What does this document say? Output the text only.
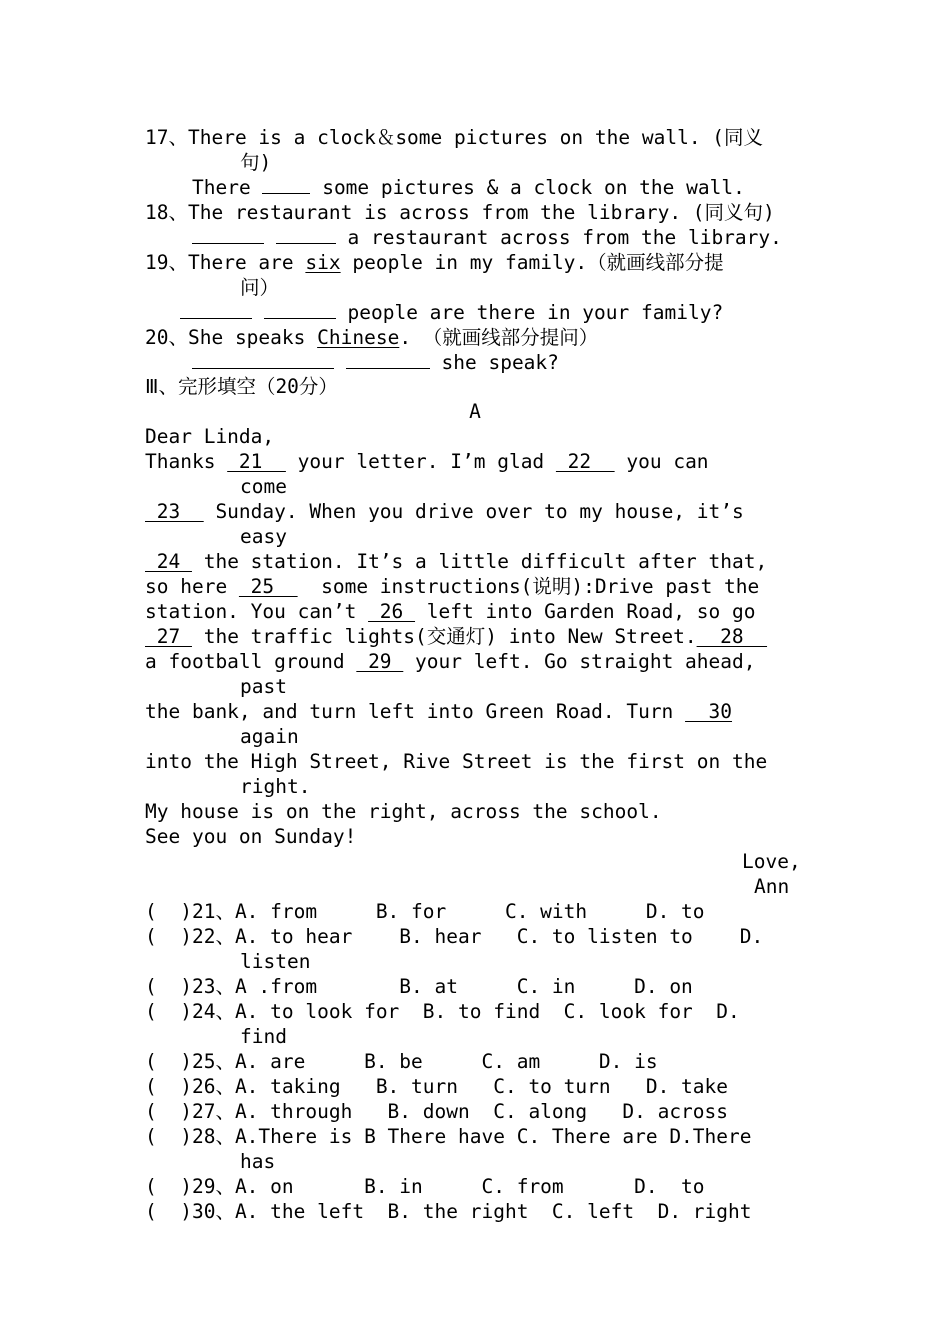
17、There is a clock＆some pictures on the wall. (同义
句)
There	some pictures & a clock on the wall.
18、The restaurant is across from the library. (同义句)
a restaurant across from the library.
19、There are six people in my family.（就画线部分提
问）
people are there in your family?
20、She speaks Chinese. （就画线部分提问）
she speak?
Ⅲ、完形填空（20分）
A
Dear Linda,
Thanks  21   your letter. I’m glad  22   you can
come
23   Sunday. When you drive over to my house, it’s
easy
24  the station. It’s a little difficult after that,
so here  25    some instructions(说明):Drive past the
station. You can’t  26  left into Garden Road, so go
27  the traffic lights(交通灯) into New Street.  28
a football ground  29  your left. Go straight ahead,
past
the bank, and turn left into Green Road. Turn   30
again
into the High Street, Rive Street is the first on the
right.
My house is on the right, across the school.
See you on Sunday!
Love,
Ann
(  )21、A. from     B. for     C. with     D. to
(  )22、A. to hear    B. hear   C. to listen to    D.
listen
(  )23、A .from       B. at     C. in     D. on
(  )24、A. to look for  B. to find  C. look for  D.
find
(  )25、A. are     B. be     C. am     D. is
(  )26、A. taking   B. turn   C. to turn   D. take
(  )27、A. through   B. down  C. along   D. across
(  )28、A.There is B There have C. There are D.There
has
(  )29、A. on      B. in     C. from      D.  to
(  )30、A. the left  B. the right  C. left  D. right
